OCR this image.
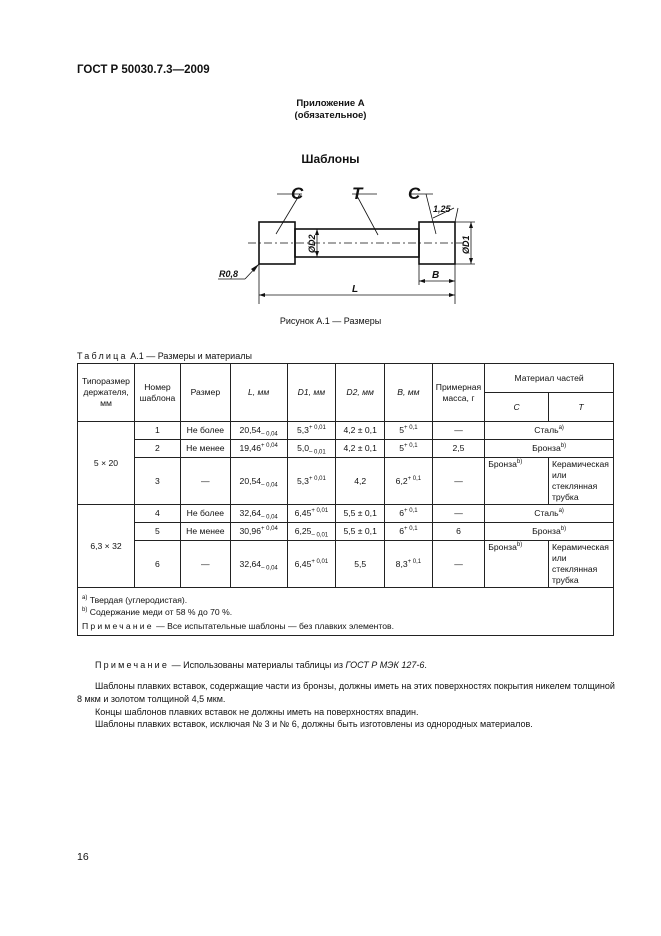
ГОСТ Р 50030.7.3—2009
Приложение А
(обязательное)
Шаблоны
C	T	C
1,25
ØD2	ØD1
R0,8	B
L
Рисунок А.1 — Размеры
Таблица А.1 — Размеры и материалы
Типоразмер держателя, мм	Номер шаблона	Размер	L, мм	D1, мм	D2, мм	B, мм	Примерная масса, г	Материал частей	
								C	T
5 × 20	1	Не более	$20,54_{- 0,04}$	$5,3^{+ 0,01}$	4,2 ± 0,1	$5^{+ 0,1}$	—	Сталь$^{a)}$
	2	Не менее	$19,46^{+ 0,04}$	$5,0_{- 0,01}$	4,2 ± 0,1	$5^{+ 0,1}$	2,5	Бронза$^{b)}$
	3	—	$20,54_{- 0,04}$	$5,3^{+ 0,01}$	4,2	$6,2^{+ 0,1}$	—	Бронза$^{b)}$	Керамическая или стеклянная трубка
6,3 × 32	4	Не более	$32,64_{- 0,04}$	$6,45^{+ 0,01}$	5,5 ± 0,1	$6^{+ 0,1}$	—	Сталь$^{a)}$
	5	Не менее	$30,96^{+ 0,04}$	$6,25_{- 0,01}$	5,5 ± 0,1	$6^{+ 0,1}$	6	Бронза$^{b)}$
	6	—	$32,64_{- 0,04}$	$6,45^{+ 0,01}$	5,5	$8,3^{+ 0,1}$	—	Бронза$^{b)}$	Керамическая или стеклянная трубка

$^{a)}$ Твердая (углеродистая).
$^{b)}$ Содержание меди от 58 % до 70 %.
Примечание — Все испытательные шаблоны — без плавких элементов.									
Примечание — Использованы материалы таблицы из ГОСТ Р МЭК 127-6.
Шаблоны плавких вставок, содержащие части из бронзы, должны иметь на этих поверхностях покрытия никелем толщиной 8 мкм и золотом толщиной 4,5 мкм.
Концы шаблонов плавких вставок не должны иметь на поверхностях впадин.
Шаблоны плавких вставок, исключая № 3 и № 6, должны быть изготовлены из однородных материалов.
16
